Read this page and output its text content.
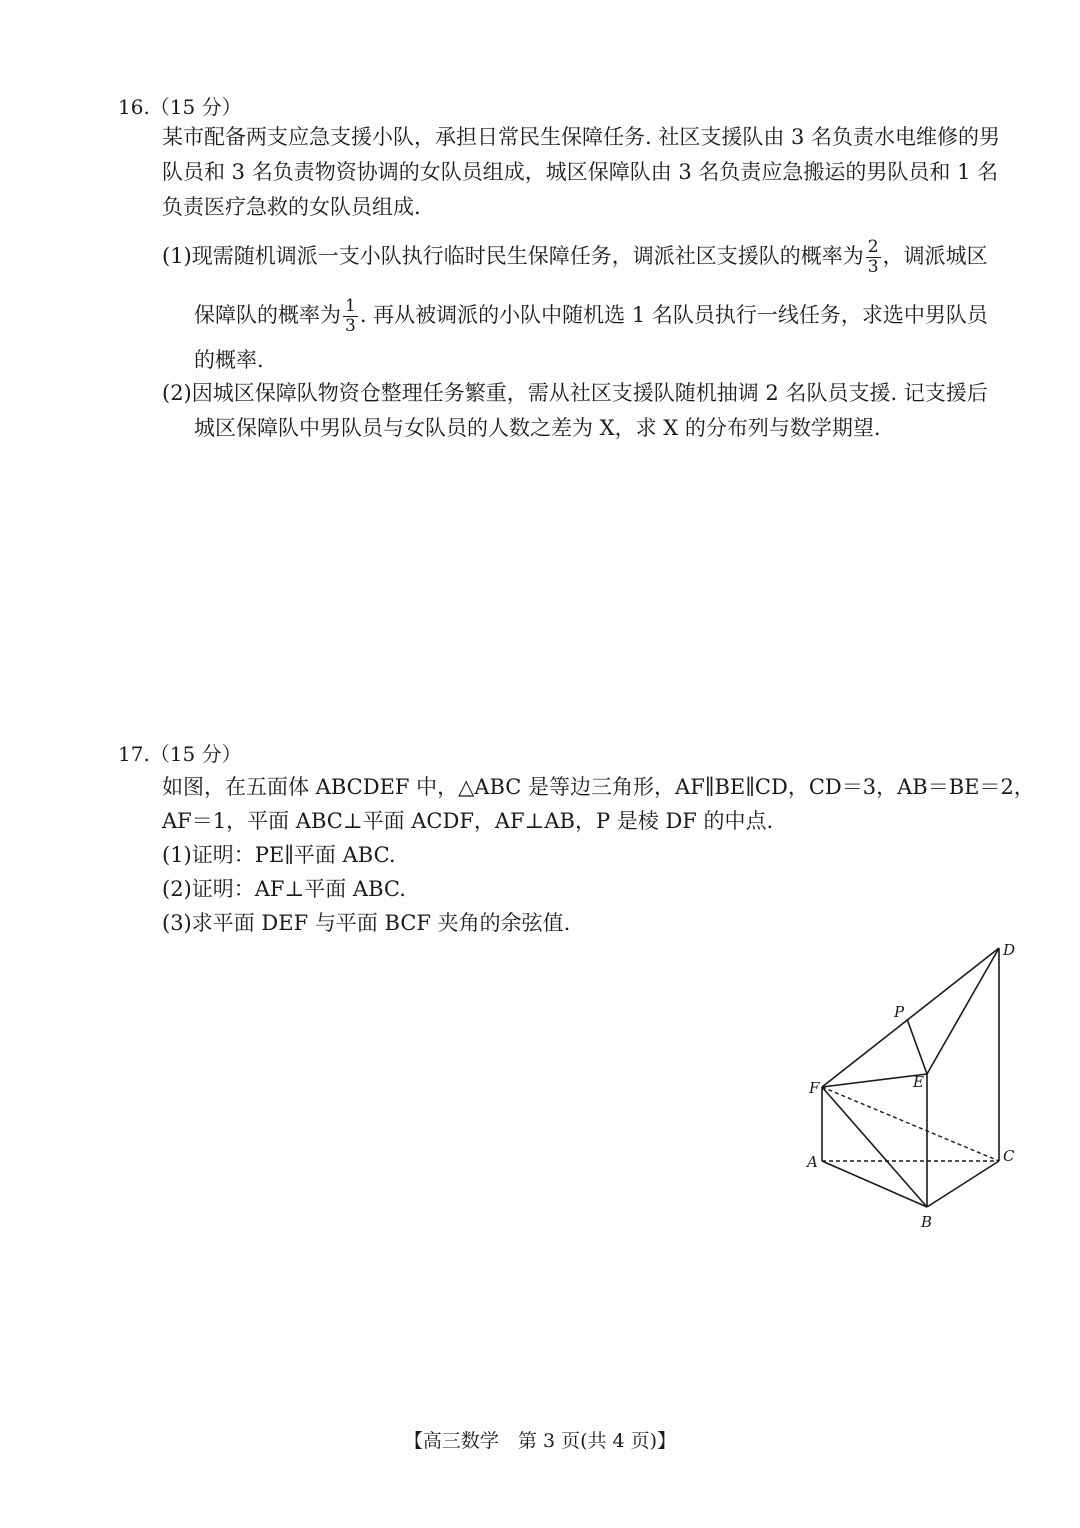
16.（15 分）
某市配备两支应急支援小队，承担日常民生保障任务. 社区支援队由 3 名负责水电维修的男
队员和 3 名负责物资协调的女队员组成，城区保障队由 3 名负责应急搬运的男队员和 1 名
负责医疗急救的女队员组成.
(1)现需随机调派一支小队执行临时民生保障任务，调派社区支援队的概率为 $\frac{2}{3}$ ，调派城区
保障队的概率为 $\frac{1}{3}$ . 再从被调派的小队中随机选 1 名队员执行一线任务，求选中男队员
的概率.
(2)因城区保障队物资仓整理任务繁重，需从社区支援队随机抽调 2 名队员支援. 记支援后
城区保障队中男队员与女队员的人数之差为 X，求 X 的分布列与数学期望.
17.（15 分）
如图，在五面体 ABCDEF 中，△ABC 是等边三角形，AF∥BE∥CD，CD＝3，AB＝BE＝2，
AF＝1，平面 ABC⊥平面 ACDF，AF⊥AB，P 是棱 DF 的中点.
(1)证明：PE∥平面 ABC.
(2)证明：AF⊥平面 ABC.
(3)求平面 DEF 与平面 BCF 夹角的余弦值.
D
P
E
F
A	C
B
【高三数学　第 3 页(共 4 页)】
